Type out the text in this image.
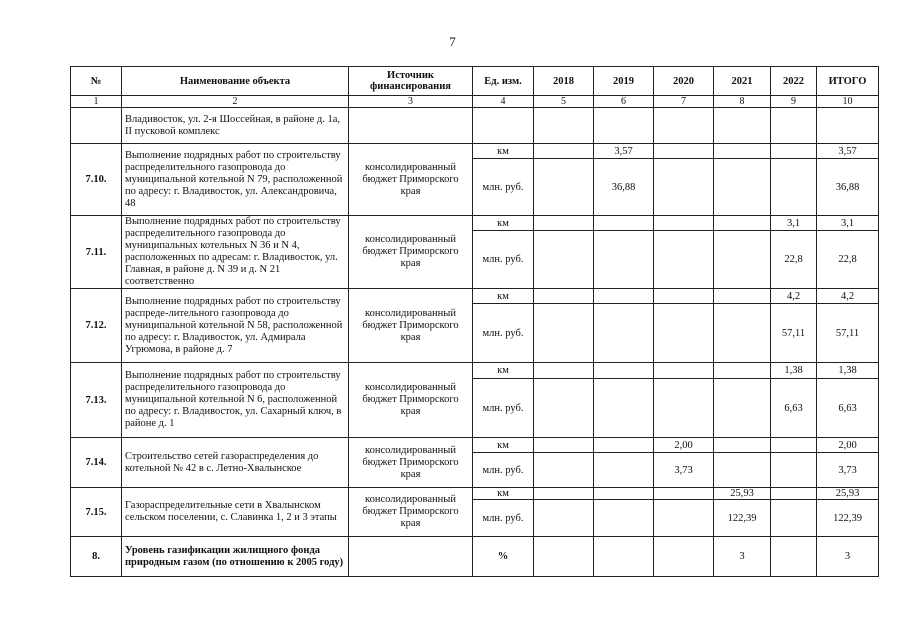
7
№	Наименование объекта	Источник финансирования	Ед. изм.	2018	2019	2020	2021	2022	ИТОГО
1	2	3	4	5	6	7	8	9	10
	Владивосток, ул. 2-я Шоссейная, в районе д. 1а, II пусковой комплекс								
7.10.	Выполнение подрядных работ по строительству распределительного газопровода до муниципальной котельной N 79, расположенной по адресу: г. Владивосток, ул. Александровича, 48	консолидированный бюджет Приморского края	км		3,57				3,57
			млн. руб.		36,88				36,88
7.11.	Выполнение подрядных работ по строительству распределительного газопровода до муниципальных котельных N 36 и N 4, расположенных по адресам: г. Владивосток, ул. Главная, в районе д. N 39 и д. N 21 соответственно	консолидированный бюджет Приморского края	км					3,1	3,1
			млн. руб.					22,8	22,8
7.12.	Выполнение подрядных работ по строительству распреде-лительного газопровода до муниципальной котельной N 58, расположенной по адресу: г. Владивосток, ул. Адмирала Угрюмова, в районе д. 7	консолидированный бюджет Приморского края	км					4,2	4,2
			млн. руб.					57,11	57,11
7.13.	Выполнение подрядных работ по строительству распределительного газопровода до муниципальной котельной N 6, расположенной по адресу: г. Владивосток, ул. Сахарный ключ, в районе д. 1	консолидированный бюджет Приморского края	км					1,38	1,38
			млн. руб.					6,63	6,63
7.14.	Строительство сетей газораспределения до котельной № 42 в с. Летно-Хвалынское	консолидированный бюджет Приморского края	км			2,00			2,00
			млн. руб.			3,73			3,73
7.15.	Газораспределительные сети в Хвалынском сельском поселении, с. Славинка 1, 2 и 3 этапы	консолидированный бюджет Приморского края	км				25,93		25,93
			млн. руб.				122,39		122,39
8.	Уровень газификации жилищного фонда природным газом (по отношению к 2005 году)		%				3		3
